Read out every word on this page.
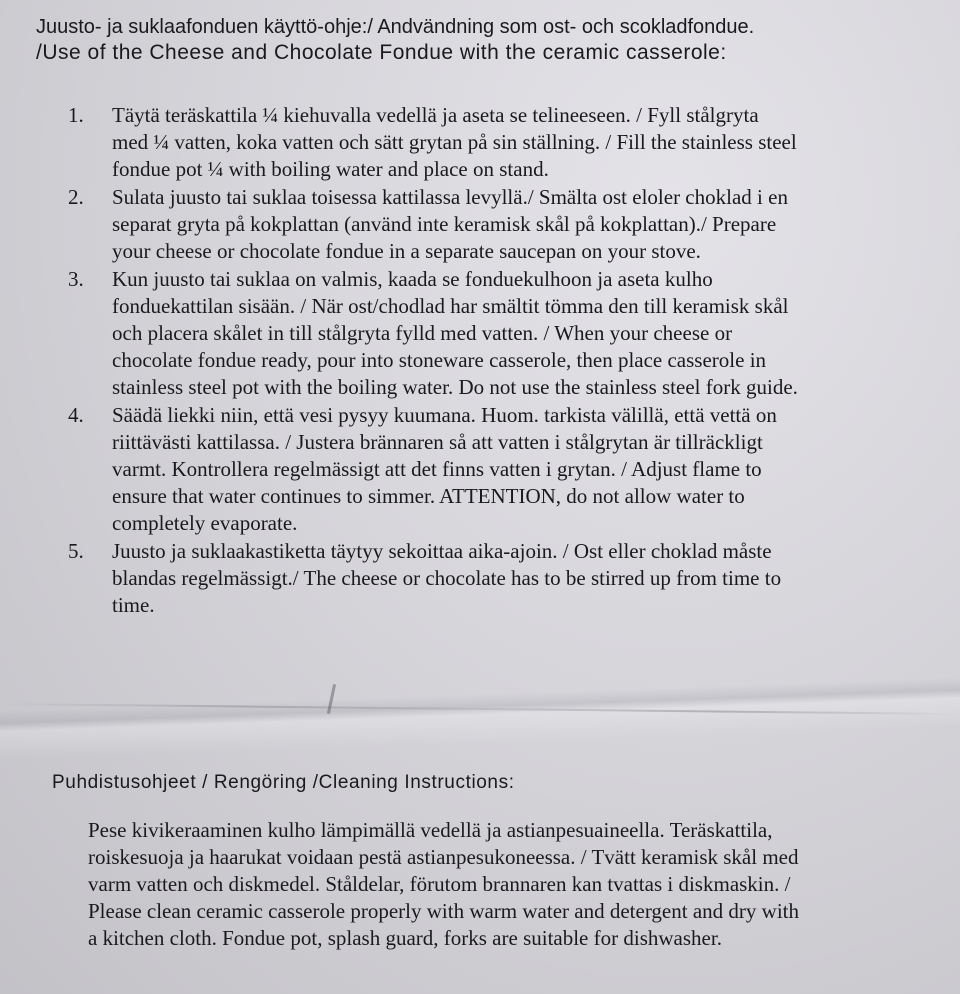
Juusto- ja suklaafonduen käyttö-ohje:/ Andvändning som ost- och scokladfondue.
/Use of the Cheese and Chocolate Fondue with the ceramic casserole:
1. Täytä teräskattila ¼ kiehuvalla vedellä ja aseta se telineeseen. / Fyll stålgryta
med ¼ vatten, koka vatten och sätt grytan på sin ställning. / Fill the stainless steel
fondue pot ¼ with boiling water and place on stand.
2. Sulata juusto tai suklaa toisessa kattilassa levyllä./ Smälta ost eloler choklad i en
separat gryta på kokplattan (använd inte keramisk skål på kokplattan)./ Prepare
your cheese or chocolate fondue in a separate saucepan on your stove.
3. Kun juusto tai suklaa on valmis, kaada se fonduekulhoon ja aseta kulho
fonduekattilan sisään. / När ost/chodlad har smältit tömma den till keramisk skål
och placera skålet in till stålgryta fylld med vatten. / When your cheese or
chocolate fondue ready, pour into stoneware casserole, then place casserole in
stainless steel pot with the boiling water. Do not use the stainless steel fork guide.
4. Säädä liekki niin, että vesi pysyy kuumana. Huom. tarkista välillä, että vettä on
riittävästi kattilassa. / Justera brännaren så att vatten i stålgrytan är tillräckligt
varmt. Kontrollera regelmässigt att det finns vatten i grytan. / Adjust flame to
ensure that water continues to simmer. ATTENTION, do not allow water to
completely evaporate.
5. Juusto ja suklaakastiketta täytyy sekoittaa aika-ajoin. / Ost eller choklad måste
blandas regelmässigt./ The cheese or chocolate has to be stirred up from time to
time.
Puhdistusohjeet / Rengöring /Cleaning Instructions:
Pese kivikeraaminen kulho lämpimällä vedellä ja astianpesuaineella. Teräskattila,
roiskesuoja ja haarukat voidaan pestä astianpesukoneessa. / Tvätt keramisk skål med
varm vatten och diskmedel. Ståldelar, förutom brannaren kan tvattas i diskmaskin. /
Please clean ceramic casserole properly with warm water and detergent and dry with
a kitchen cloth. Fondue pot, splash guard, forks are suitable for dishwasher.
